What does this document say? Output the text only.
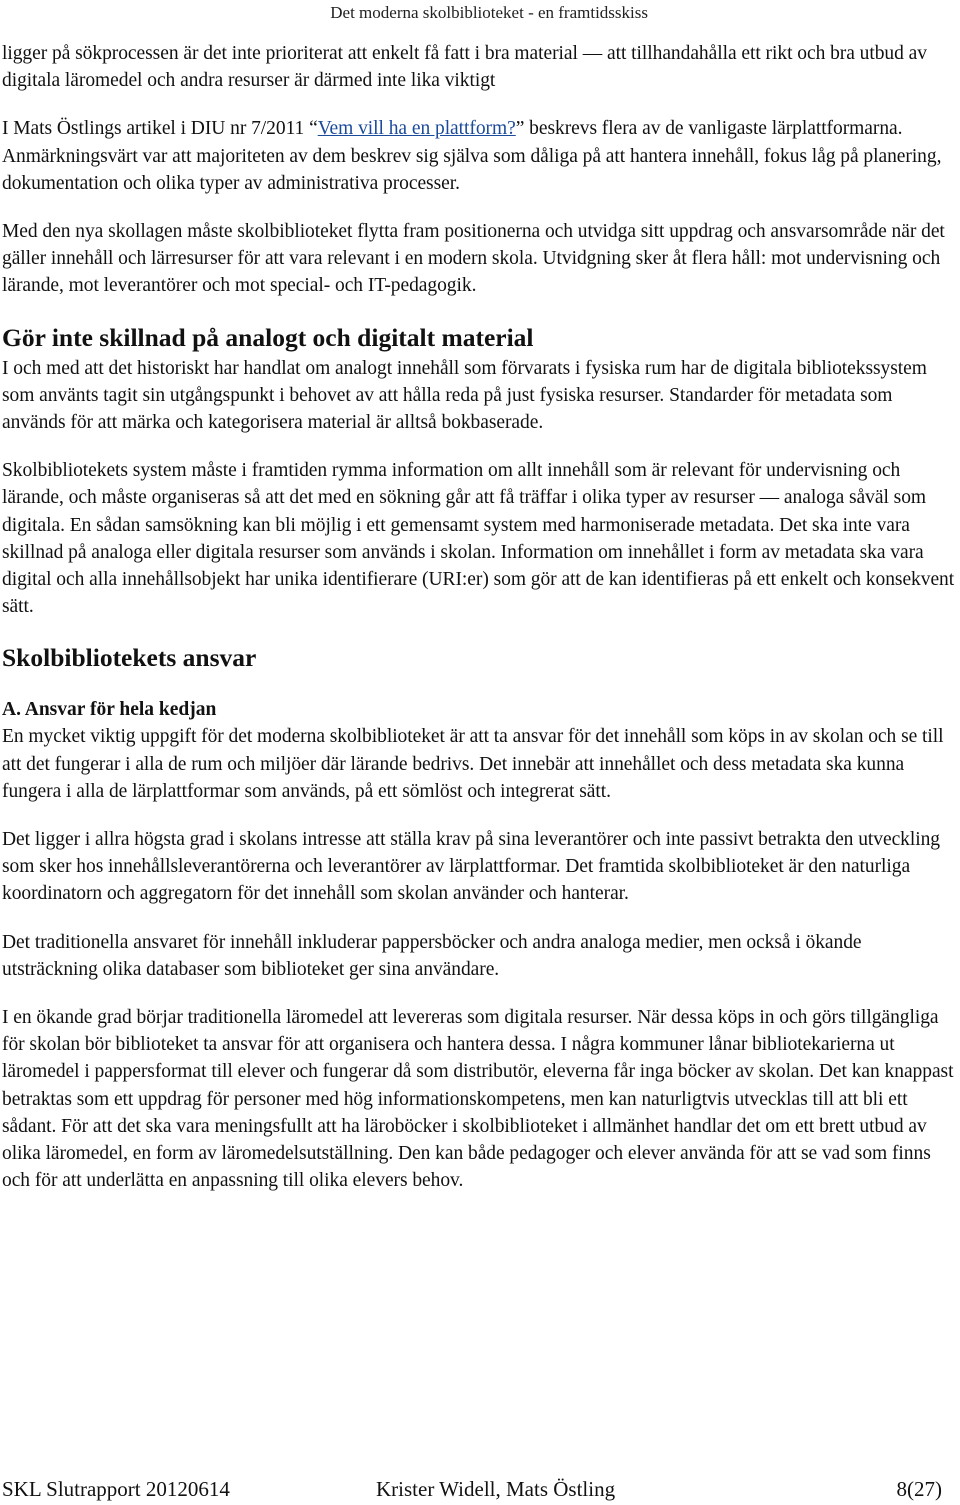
Det moderna skolbiblioteket - en framtidsskiss

ligger på sökprocessen är det inte prioriterat att enkelt få fatt i bra material — att tillhandahålla ett rikt och bra utbud av digitala läromedel och andra resurser är därmed inte lika viktigt

I Mats Östlings artikel i DIU nr 7/2011 “Vem vill ha en plattform?” beskrevs flera av de vanligaste lärplattformarna. Anmärkningsvärt var att majoriteten av dem beskrev sig själva som dåliga på att hantera innehåll, fokus låg på planering, dokumentation och olika typer av administrativa processer.

Med den nya skollagen måste skolbiblioteket flytta fram positionerna och utvidga sitt uppdrag och ansvarsområde när det gäller innehåll och lärresurser för att vara relevant i en modern skola. Utvidgning sker åt flera håll: mot undervisning och lärande, mot leverantörer och mot special- och IT-pedagogik.

Gör inte skillnad på analogt och digitalt material

I och med att det historiskt har handlat om analogt innehåll som förvarats i fysiska rum har de digitala bibliotekssystem som använts tagit sin utgångspunkt i behovet av att hålla reda på just fysiska resurser. Standarder för metadata som används för att märka och kategorisera material är alltså bokbaserade.

Skolbibliotekets system måste i framtiden rymma information om allt innehåll som är relevant för undervisning och lärande, och måste organiseras så att det med en sökning går att få träffar i olika typer av resurser — analoga såväl som digitala. En sådan samsökning kan bli möjlig i ett gemensamt system med harmoniserade metadata. Det ska inte vara skillnad på analoga eller digitala resurser som används i skolan. Information om innehållet i form av metadata ska vara digital och alla innehållsobjekt har unika identifierare (URI:er) som gör att de kan identifieras på ett enkelt och konsekvent sätt.

Skolbibliotekets ansvar
A. Ansvar för hela kedjan

En mycket viktig uppgift för det moderna skolbiblioteket är att ta ansvar för det innehåll som köps in av skolan och se till att det fungerar i alla de rum och miljöer där lärande bedrivs. Det innebär att innehållet och dess metadata ska kunna fungera i alla de lärplattformar som används, på ett sömlöst och integrerat sätt.

Det ligger i allra högsta grad i skolans intresse att ställa krav på sina leverantörer och inte passivt betrakta den utveckling som sker hos innehållsleverantörerna och leverantörer av lärplattformar. Det framtida skolbiblioteket är den naturliga koordinatorn och aggregatorn för det innehåll som skolan använder och hanterar.

Det traditionella ansvaret för innehåll inkluderar pappersböcker och andra analoga medier, men också i ökande utsträckning olika databaser som biblioteket ger sina användare.

I en ökande grad börjar traditionella läromedel att levereras som digitala resurser. När dessa köps in och görs tillgängliga för skolan bör biblioteket ta ansvar för att organisera och hantera dessa. I några kommuner lånar bibliotekarierna ut läromedel i pappersformat till elever och fungerar då som distributör, eleverna får inga böcker av skolan. Det kan knappast betraktas som ett uppdrag för personer med hög informationskompetens, men kan naturligtvis utvecklas till att bli ett sådant. För att det ska vara meningsfullt att ha läroböcker i skolbiblioteket i allmänhet handlar det om ett brett utbud av olika läromedel, en form av läromedelsutställning. Den kan både pedagoger och elever använda för att se vad som finns och för att underlätta en anpassning till olika elevers behov.

SKL Slutrapport 20120614	Krister Widell, Mats Östling	8(27)
